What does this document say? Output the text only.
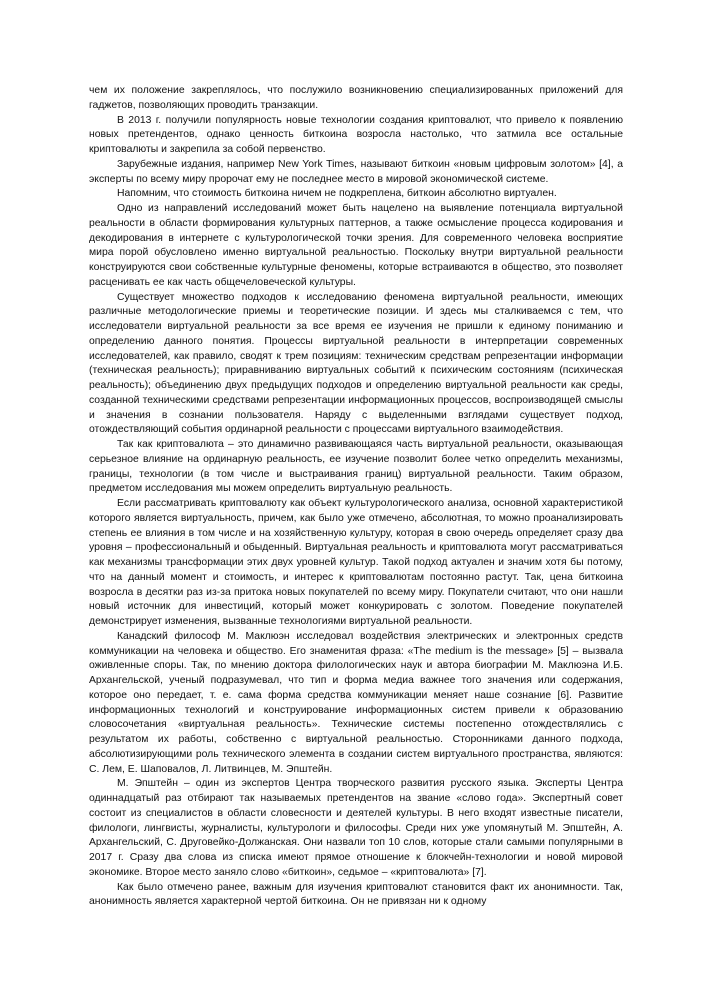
чем их положение закреплялось, что послужило возникновению специализированных приложений для гаджетов, позволяющих проводить транзакции.

В 2013 г. получили популярность новые технологии создания криптовалют, что привело к появлению новых претендентов, однако ценность биткоина возросла настолько, что затмила все остальные криптовалюты и закрепила за собой первенство.

Зарубежные издания, например New York Times, называют биткоин «новым цифровым золотом» [4], а эксперты по всему миру пророчат ему не последнее место в мировой экономической системе.

Напомним, что стоимость биткоина ничем не подкреплена, биткоин абсолютно виртуален.

Одно из направлений исследований может быть нацелено на выявление потенциала виртуальной реальности в области формирования культурных паттернов, а также осмысление процесса кодирования и декодирования в интернете с культурологической точки зрения. Для современного человека восприятие мира порой обусловлено именно виртуальной реальностью. Поскольку внутри виртуальной реальности конструируются свои собственные культурные феномены, которые встраиваются в общество, это позволяет расценивать ее как часть общечеловеческой культуры.

Существует множество подходов к исследованию феномена виртуальной реальности, имеющих различные методологические приемы и теоретические позиции. И здесь мы сталкиваемся с тем, что исследователи виртуальной реальности за все время ее изучения не пришли к единому пониманию и определению данного понятия. Процессы виртуальной реальности в интерпретации современных исследователей, как правило, сводят к трем позициям: техническим средствам репрезентации информации (техническая реальность); приравниванию виртуальных событий к психическим состояниям (психическая реальность); объединению двух предыдущих подходов и определению виртуальной реальности как среды, созданной техническими средствами репрезентации информационных процессов, воспроизводящей смыслы и значения в сознании пользователя. Наряду с выделенными взглядами существует подход, отождествляющий события ординарной реальности с процессами виртуального взаимодействия.

Так как криптовалюта – это динамично развивающаяся часть виртуальной реальности, оказывающая серьезное влияние на ординарную реальность, ее изучение позволит более четко определить механизмы, границы, технологии (в том числе и выстраивания границ) виртуальной реальности. Таким образом, предметом исследования мы можем определить виртуальную реальность.

Если рассматривать криптовалюту как объект культурологического анализа, основной характеристикой которого является виртуальность, причем, как было уже отмечено, абсолютная, то можно проанализировать степень ее влияния в том числе и на хозяйственную культуру, которая в свою очередь определяет сразу два уровня – профессиональный и обыденный. Виртуальная реальность и криптовалюта могут рассматриваться как механизмы трансформации этих двух уровней культур. Такой подход актуален и значим хотя бы потому, что на данный момент и стоимость, и интерес к криптовалютам постоянно растут. Так, цена биткоина возросла в десятки раз из-за притока новых покупателей по всему миру. Покупатели считают, что они нашли новый источник для инвестиций, который может конкурировать с золотом. Поведение покупателей демонстрирует изменения, вызванные технологиями виртуальной реальности.

Канадский философ М. Маклюэн исследовал воздействия электрических и электронных средств коммуникации на человека и общество. Его знаменитая фраза: «The medium is the message» [5] – вызвала оживленные споры. Так, по мнению доктора филологических наук и автора биографии М. Маклюэна И.Б. Архангельской, ученый подразумевал, что тип и форма медиа важнее того значения или содержания, которое оно передает, т. е. сама форма средства коммуникации меняет наше сознание [6]. Развитие информационных технологий и конструирование информационных систем привели к образованию словосочетания «виртуальная реальность». Технические системы постепенно отождествлялись с результатом их работы, собственно с виртуальной реальностью. Сторонниками данного подхода, абсолютизирующими роль технического элемента в создании систем виртуального пространства, являются: С. Лем, Е. Шаповалов, Л. Литвинцев, М. Эпштейн.

М. Эпштейн – один из экспертов Центра творческого развития русского языка. Эксперты Центра одиннадцатый раз отбирают так называемых претендентов на звание «слово года». Экспертный совет состоит из специалистов в области словесности и деятелей культуры. В него входят известные писатели, филологи, лингвисты, журналисты, культурологи и философы. Среди них уже упомянутый М. Эпштейн, А. Архангельский, С. Друговейко-Должанская. Они назвали топ 10 слов, которые стали самыми популярными в 2017 г. Сразу два слова из списка имеют прямое отношение к блокчейн-технологии и новой мировой экономике. Второе место заняло слово «биткоин», седьмое – «криптовалюта» [7].

Как было отмечено ранее, важным для изучения криптовалют становится факт их анонимности. Так, анонимность является характерной чертой биткоина. Он не привязан ни к одному
